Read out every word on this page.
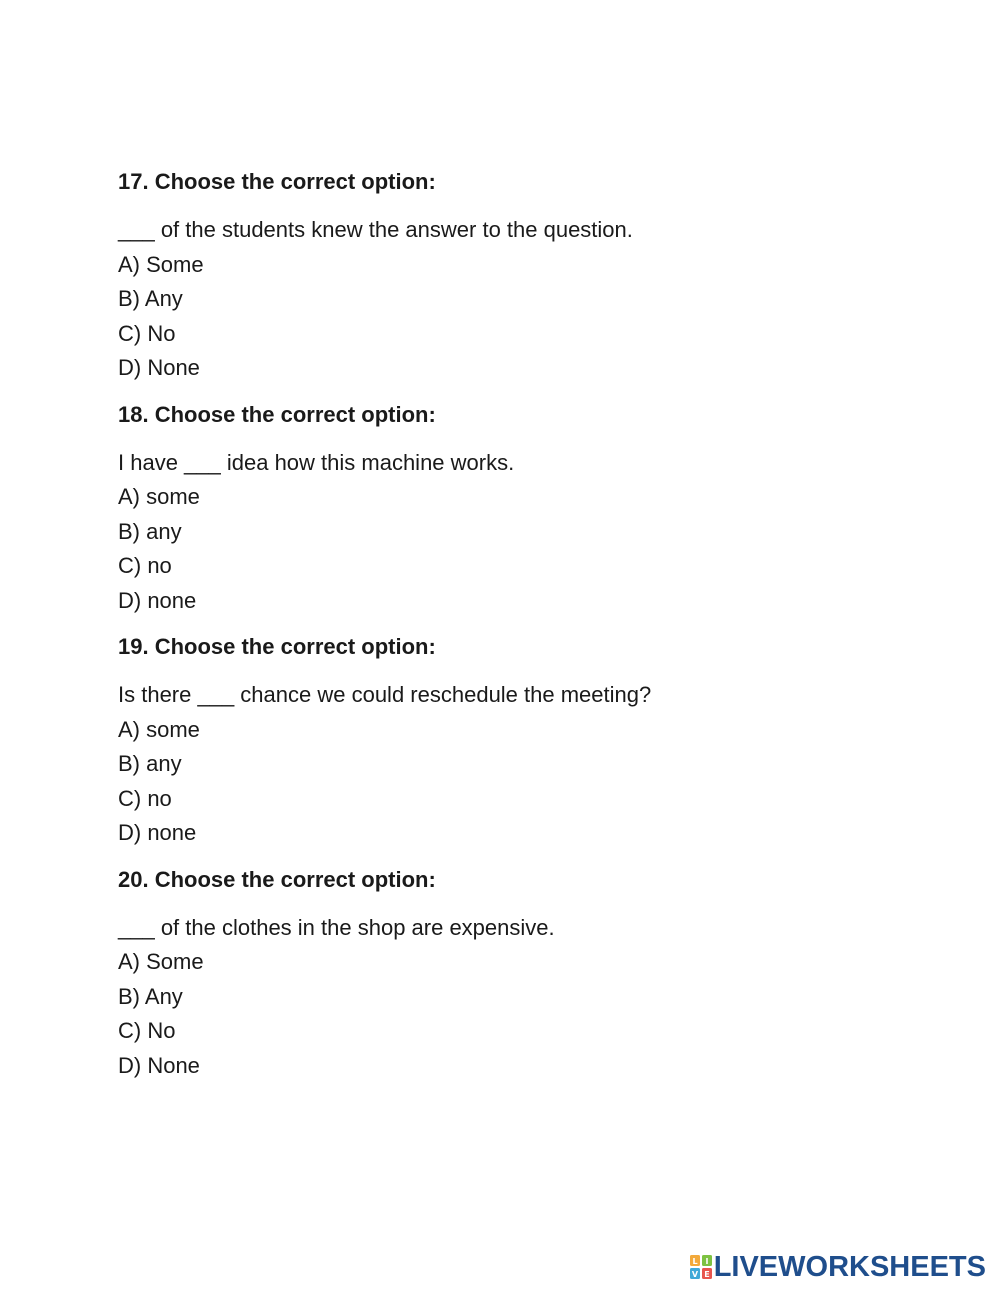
17. Choose the correct option:
___ of the students knew the answer to the question.
A) Some
B) Any
C) No
D) None
18. Choose the correct option:
I have ___ idea how this machine works.
A) some
B) any
C) no
D) none
19. Choose the correct option:
Is there ___ chance we could reschedule the meeting?
A) some
B) any
C) no
D) none
20. Choose the correct option:
___ of the clothes in the shop are expensive.
A) Some
B) Any
C) No
D) None
L I
V E LIVEWORKSHEETS
